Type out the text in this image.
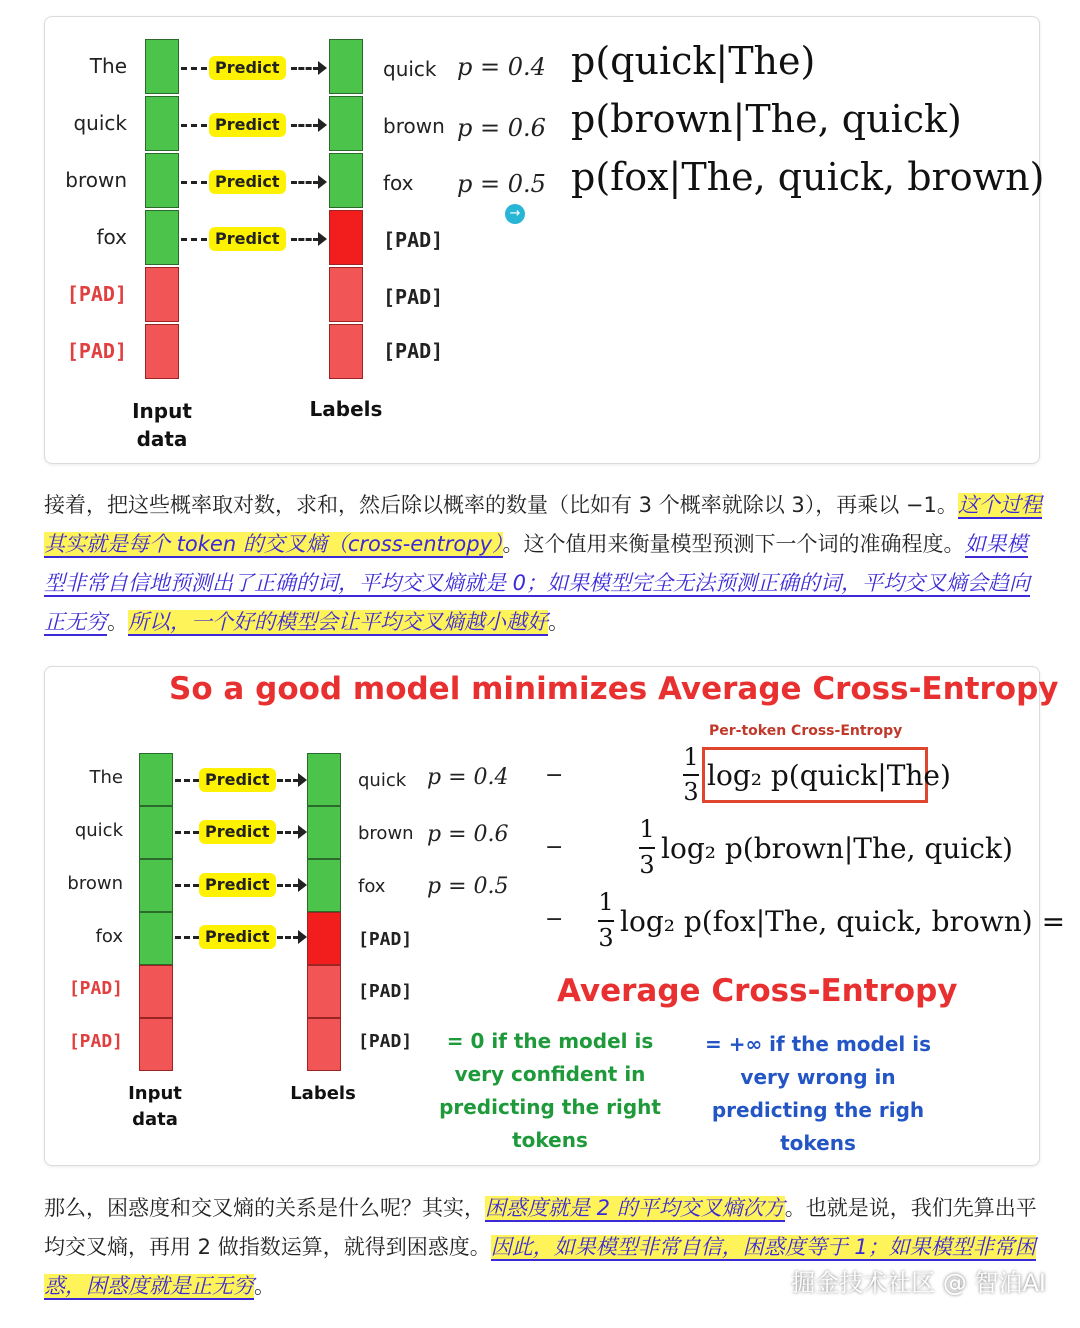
The
quick
brown
fox
[PAD]
[PAD]
Predict
Predict
Predict
Predict
quick
brown
fox
[PAD]
[PAD]
[PAD]
p = 0.4
p = 0.6
p = 0.5
p(quick|The)
p(brown|The, quick)
p(fox|The, quick, brown)
→
Input
data
Labels
接着，把这些概率取对数，求和，然后除以概率的数量（比如有 3 个概率就除以 3），再乘以 −1。这个过程其实就是每个 token 的交叉熵（cross-entropy）。这个值用来衡量模型预测下一个词的准确程度。如果模型非常自信地预测出了正确的词，平均交叉熵就是 0；如果模型完全无法预测正确的词，平均交叉熵会趋向正无穷。所以，一个好的模型会让平均交叉熵越小越好。
So a good model minimizes Average Cross-Entropy
The
quick
brown
fox
[PAD]
[PAD]
Predict
Predict
Predict
Predict
quick
brown
fox
[PAD]
[PAD]
[PAD]
p = 0.4
p = 0.6
p = 0.5
Per-token Cross-Entropy
−
1
3 log₂ p(quick|The)
−
1
3 log₂ p(brown|The, quick)
−
1
3 log₂ p(fox|The, quick, brown) =
Average Cross-Entropy
= 0 if the model is
very confident in
predicting the right
tokens
= +∞ if the model is
very wrong in
predicting the righ
tokens
Input
data
Labels
那么，困惑度和交叉熵的关系是什么呢？其实，困惑度就是 2 的平均交叉熵次方。也就是说，我们先算出平均交叉熵，再用 2 做指数运算，就得到困惑度。因此，如果模型非常自信，困惑度等于 1；如果模型非常困惑，困惑度就是正无穷。	掘金技术社区 @ 智泊AI
